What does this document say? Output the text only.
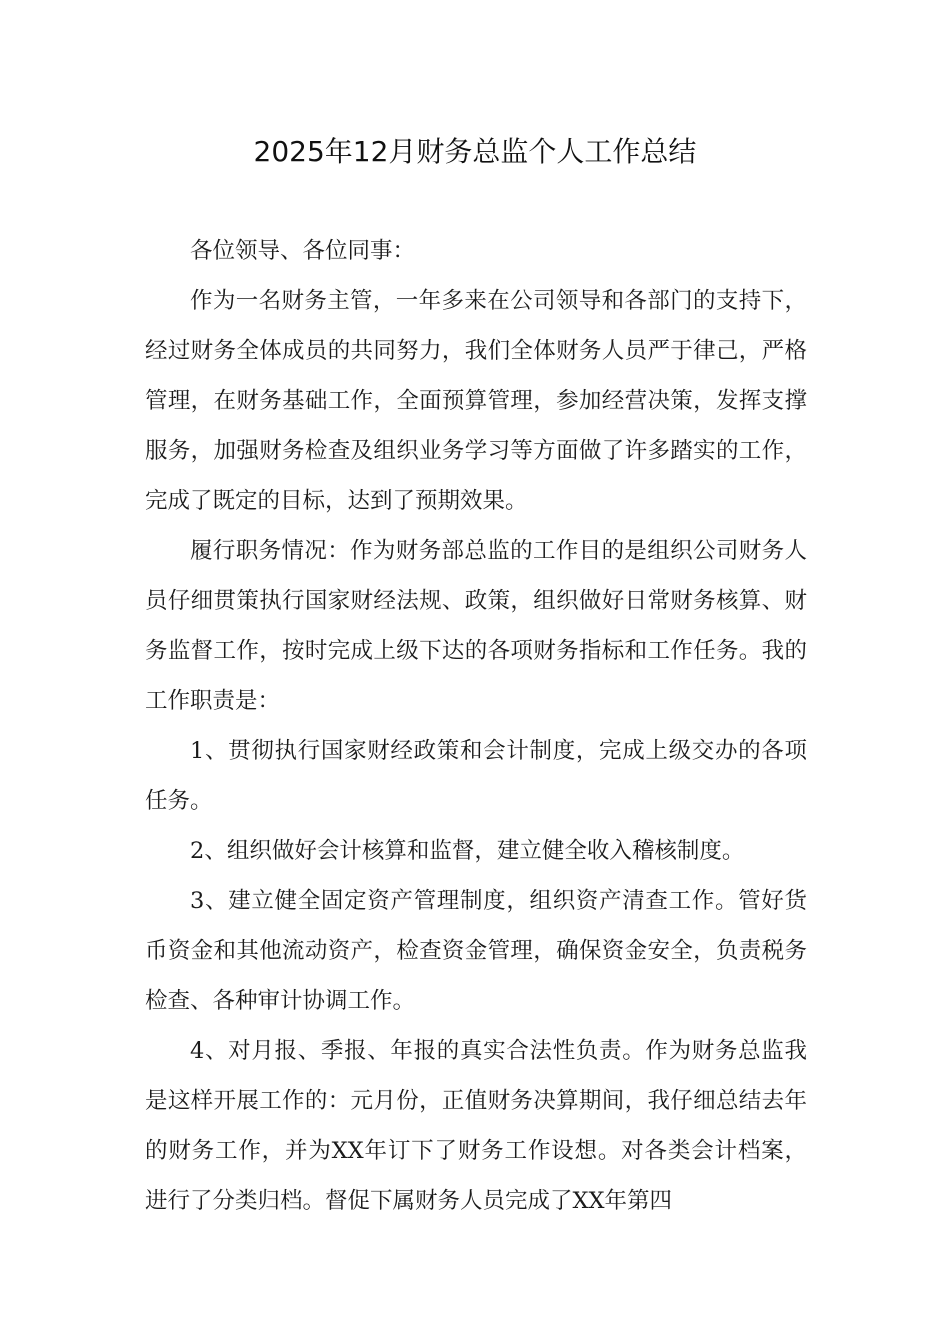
2025年12月财务总监个人工作总结

各位领导、各位同事：

作为一名财务主管，一年多来在公司领导和各部门的支持下，经过财务全体成员的共同努力，我们全体财务人员严于律己，严格管理，在财务基础工作，全面预算管理，参加经营决策，发挥支撑服务，加强财务检查及组织业务学习等方面做了许多踏实的工作，完成了既定的目标，达到了预期效果。

履行职务情况：作为财务部总监的工作目的是组织公司财务人员仔细贯策执行国家财经法规、政策，组织做好日常财务核算、财务监督工作，按时完成上级下达的各项财务指标和工作任务。我的工作职责是：

1、贯彻执行国家财经政策和会计制度，完成上级交办的各项任务。

2、组织做好会计核算和监督，建立健全收入稽核制度。

3、建立健全固定资产管理制度，组织资产清查工作。管好货币资金和其他流动资产，检查资金管理，确保资金安全，负责税务检查、各种审计协调工作。

4、对月报、季报、年报的真实合法性负责。作为财务总监我是这样开展工作的：元月份，正值财务决算期间，我仔细总结去年的财务工作，并为XX年订下了财务工作设想。对各类会计档案，进行了分类归档。督促下属财务人员完成了XX年第四
